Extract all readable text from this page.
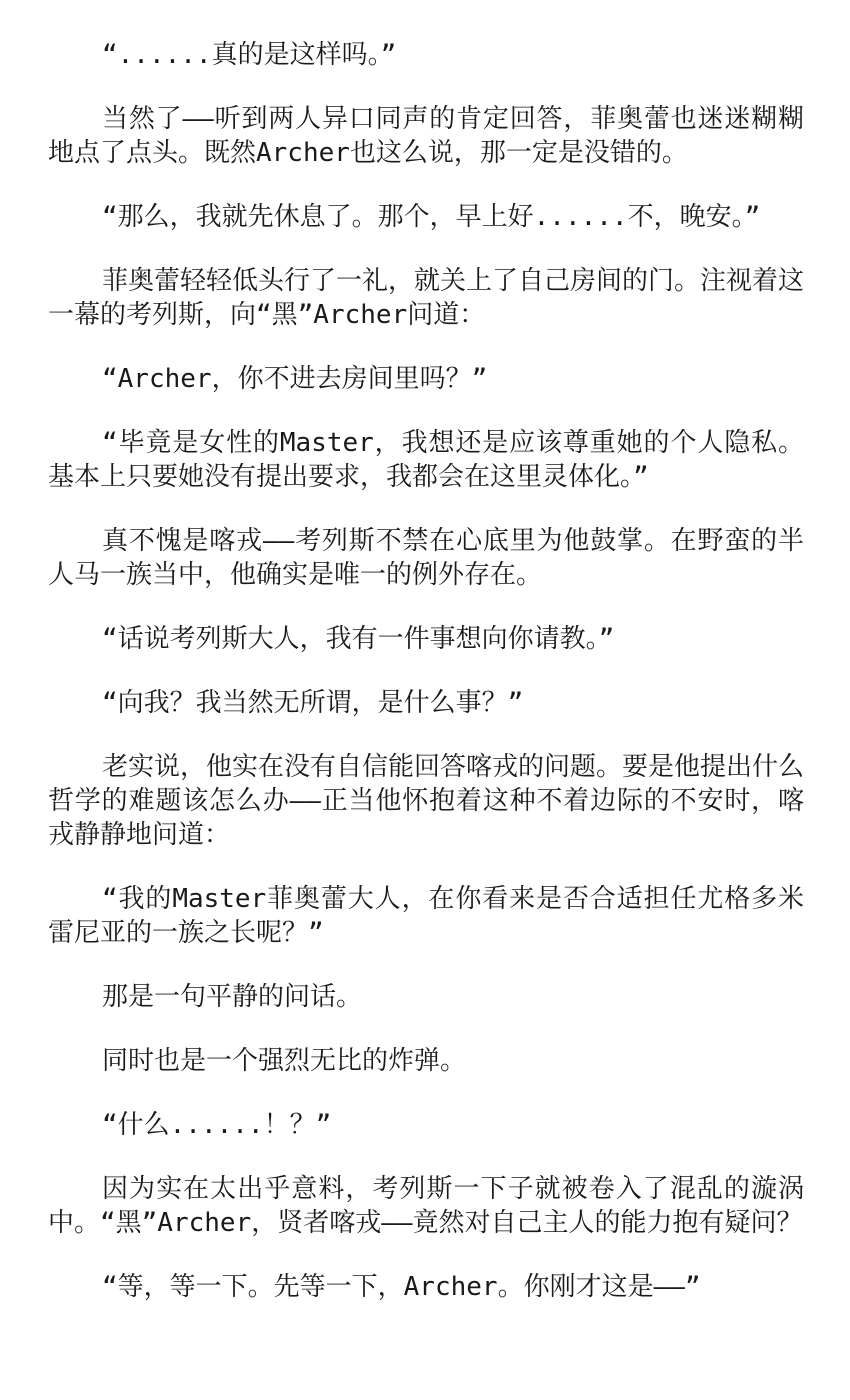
“......真的是这样吗。”

当然了——听到两人异口同声的肯定回答，菲奥蕾也迷迷糊糊地点了点头。既然Archer也这么说，那一定是没错的。

“那么，我就先休息了。那个，早上好......不，晚安。”

菲奥蕾轻轻低头行了一礼，就关上了自己房间的门。注视着这一幕的考列斯，向“黑”Archer问道：

“Archer，你不进去房间里吗？”

“毕竟是女性的Master，我想还是应该尊重她的个人隐私。基本上只要她没有提出要求，我都会在这里灵体化。”

真不愧是喀戎——考列斯不禁在心底里为他鼓掌。在野蛮的半人马一族当中，他确实是唯一的例外存在。

“话说考列斯大人，我有一件事想向你请教。”

“向我？我当然无所谓，是什么事？”

老实说，他实在没有自信能回答喀戎的问题。要是他提出什么哲学的难题该怎么办——正当他怀抱着这种不着边际的不安时，喀戎静静地问道：

“我的Master菲奥蕾大人，在你看来是否合适担任尤格多米雷尼亚的一族之长呢？”

那是一句平静的问话。

同时也是一个强烈无比的炸弹。

“什么......！？”

因为实在太出乎意料，考列斯一下子就被卷入了混乱的漩涡中。“黑”Archer，贤者喀戎——竟然对自己主人的能力抱有疑问？

“等，等一下。先等一下，Archer。你刚才这是——”
